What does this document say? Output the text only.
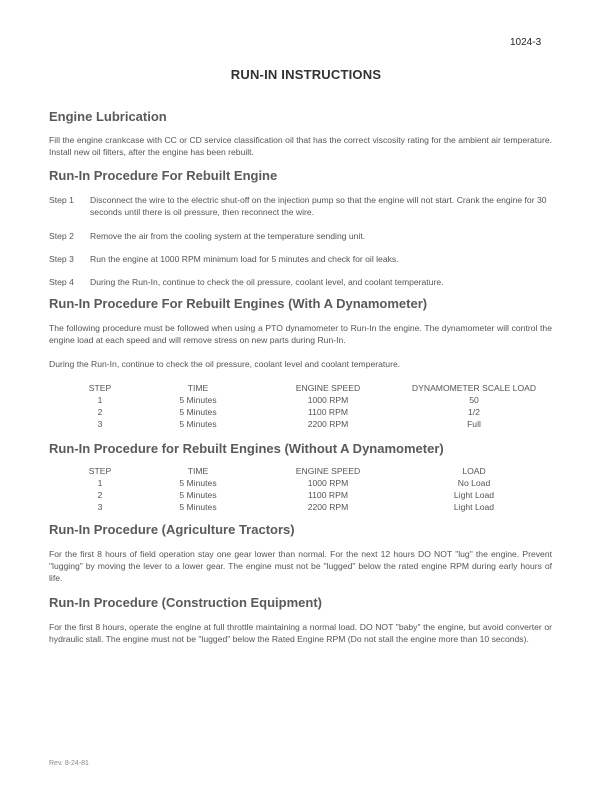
1024-3
RUN-IN INSTRUCTIONS
Engine Lubrication

Fill the engine crankcase with CC or CD service classification oil that has the correct viscosity rating for the ambient air temperature. Install new oil filters, after the engine has been rebuilt.

Run-In Procedure For Rebuilt Engine
Step 1 Disconnect the wire to the electric shut-off on the injection pump so that the engine will not start. Crank the engine for 30 seconds until there is oil pressure, then reconnect the wire.
Step 2 Remove the air from the cooling system at the temperature sending unit.
Step 3 Run the engine at 1000 RPM minimum load for 5 minutes and check for oil leaks.
Step 4 During the Run-In, continue to check the oil pressure, coolant level, and coolant temperature.
Run-In Procedure For Rebuilt Engines (With A Dynamometer)

The following procedure must be followed when using a PTO dynamometer to Run-In the engine. The dynamometer will control the engine load at each speed and will remove stress on new parts during Run-In.

During the Run-In, continue to check the oil pressure, coolant level and coolant temperature.

STEP	TIME	ENGINE SPEED	DYNAMOMETER SCALE LOAD
1	5 Minutes	1000 RPM	50
2	5 Minutes	1100 RPM	1/2
3	5 Minutes	2200 RPM	Full
Run-In Procedure for Rebuilt Engines (Without A Dynamometer)
STEP	TIME	ENGINE SPEED	LOAD
1	5 Minutes	1000 RPM	No Load
2	5 Minutes	1100 RPM	Light Load
3	5 Minutes	2200 RPM	Light Load
Run-In Procedure (Agriculture Tractors)

For the first 8 hours of field operation stay one gear lower than normal. For the next 12 hours DO NOT "lug" the engine. Prevent "lugging" by moving the lever to a lower gear. The engine must not be "lugged" below the rated engine RPM during early hours of life.

Run-In Procedure (Construction Equipment)

For the first 8 hours, operate the engine at full throttle maintaining a normal load. DO NOT "baby" the engine, but avoid converter or hydraulic stall. The engine must not be "lugged" below the Rated Engine RPM (Do not stall the engine more than 10 seconds).

Rev. 8-24-81
